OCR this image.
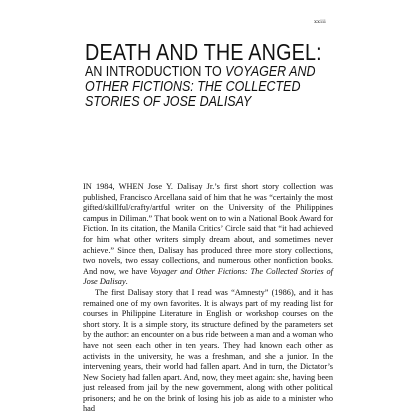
xxiii
DEATH AND THE ANGEL:
AN INTRODUCTION TO VOYAGER AND
OTHER FICTIONS: THE COLLECTED
STORIES OF JOSE DALISAY

IN 1984, WHEN Jose Y. Dalisay Jr.’s first short story collection was published, Francisco Arcellana said of him that he was “certainly the most gifted/skillful/crafty/artful writer on the University of the Philippines campus in Diliman.” That book went on to win a National Book Award for Fiction. In its citation, the Manila Critics’ Circle said that “it had achieved for him what other writers simply dream about, and sometimes never achieve.” Since then, Dalisay has produced three more story collections, two novels, two essay collections, and numerous other nonfiction books. And now, we have Voyager and Other Fictions: The Collected Stories of Jose Dalisay.

The first Dalisay story that I read was “Amnesty” (1986), and it has remained one of my own favorites. It is always part of my reading list for courses in Philippine Literature in English or workshop courses on the short story. It is a simple story, its structure defined by the parameters set by the author: an encounter on a bus ride between a man and a woman who have not seen each other in ten years. They had known each other as activists in the university, he was a freshman, and she a junior. In the intervening years, their world had fallen apart. And in turn, the Dictator’s New Society had fallen apart. And, now, they meet again: she, having been just released from jail by the new government, along with other political prisoners; and he on the brink of losing his job as aide to a minister who had
